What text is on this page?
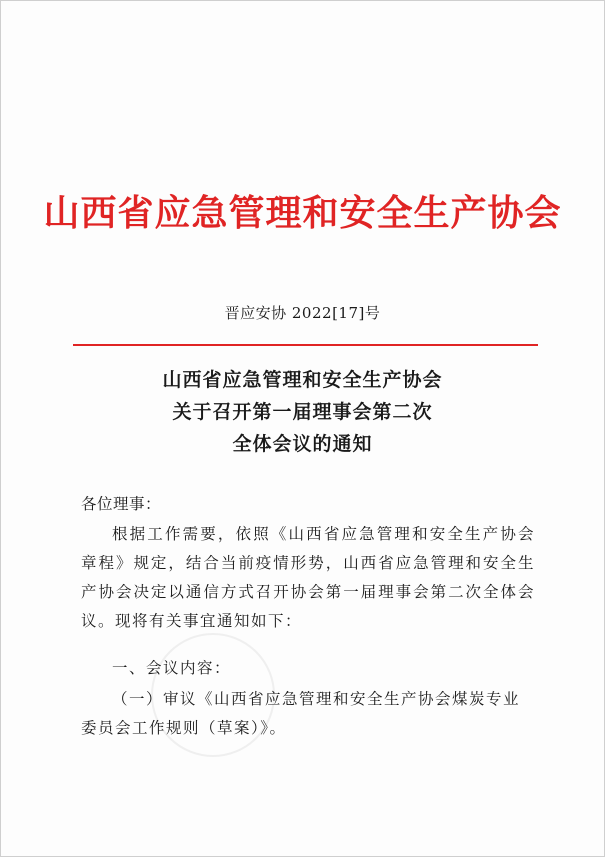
山西省应急管理和安全生产协会
晋应安协 2022[17]号
山西省应急管理和安全生产协会
关于召开第一届理事会第二次
全体会议的通知
各位理事：
根据工作需要，依照《山西省应急管理和安全生产协会章程》规定，结合当前疫情形势，山西省应急管理和安全生产协会决定以通信方式召开协会第一届理事会第二次全体会议。现将有关事宜通知如下：
一、会议内容：
（一）审议《山西省应急管理和安全生产协会煤炭专业委员会工作规则（草案）》。
